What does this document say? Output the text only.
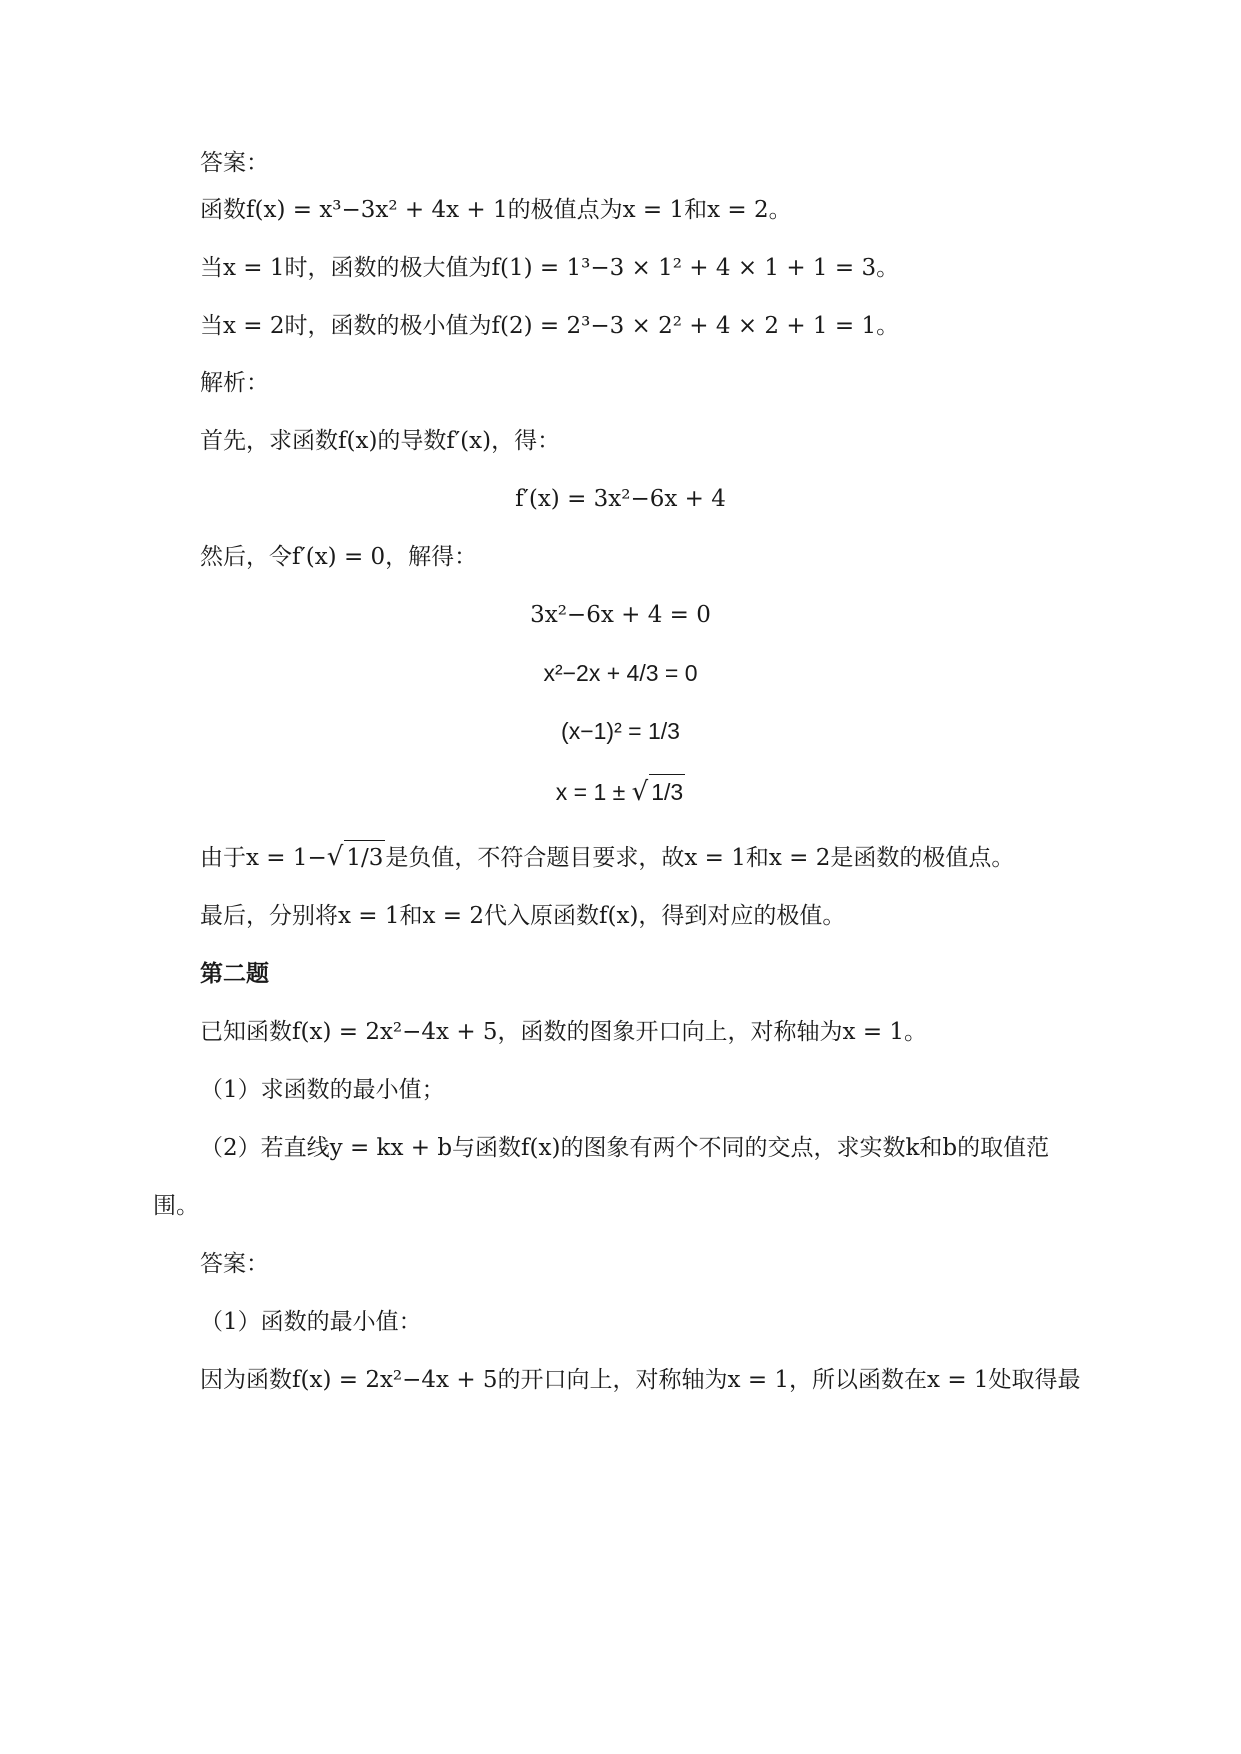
答案：
函数f(x) = x³−3x² + 4x + 1的极值点为x = 1和x = 2。
当x = 1时，函数的极大值为f(1) = 1³−3 × 1² + 4 × 1 + 1 = 3。
当x = 2时，函数的极小值为f(2) = 2³−3 × 2² + 4 × 2 + 1 = 1。
解析：
首先，求函数f(x)的导数f′(x)，得：
f′(x) = 3x²−6x + 4
然后，令f′(x) = 0，解得：
3x²−6x + 4 = 0
x²−2x + 4/3 = 0
(x−1)² = 1/3
x = 1 ± √ 1/3
由于x = 1−√ 1/3是负值，不符合题目要求，故x = 1和x = 2是函数的极值点。
最后，分别将x = 1和x = 2代入原函数f(x)，得到对应的极值。
第二题
已知函数f(x) = 2x²−4x + 5，函数的图象开口向上，对称轴为x = 1。
（1）求函数的最小值；
（2）若直线y = kx + b与函数f(x)的图象有两个不同的交点，求实数k和b的取值范
围。
答案：
（1）函数的最小值：
因为函数f(x) = 2x²−4x + 5的开口向上，对称轴为x = 1，所以函数在x = 1处取得最
